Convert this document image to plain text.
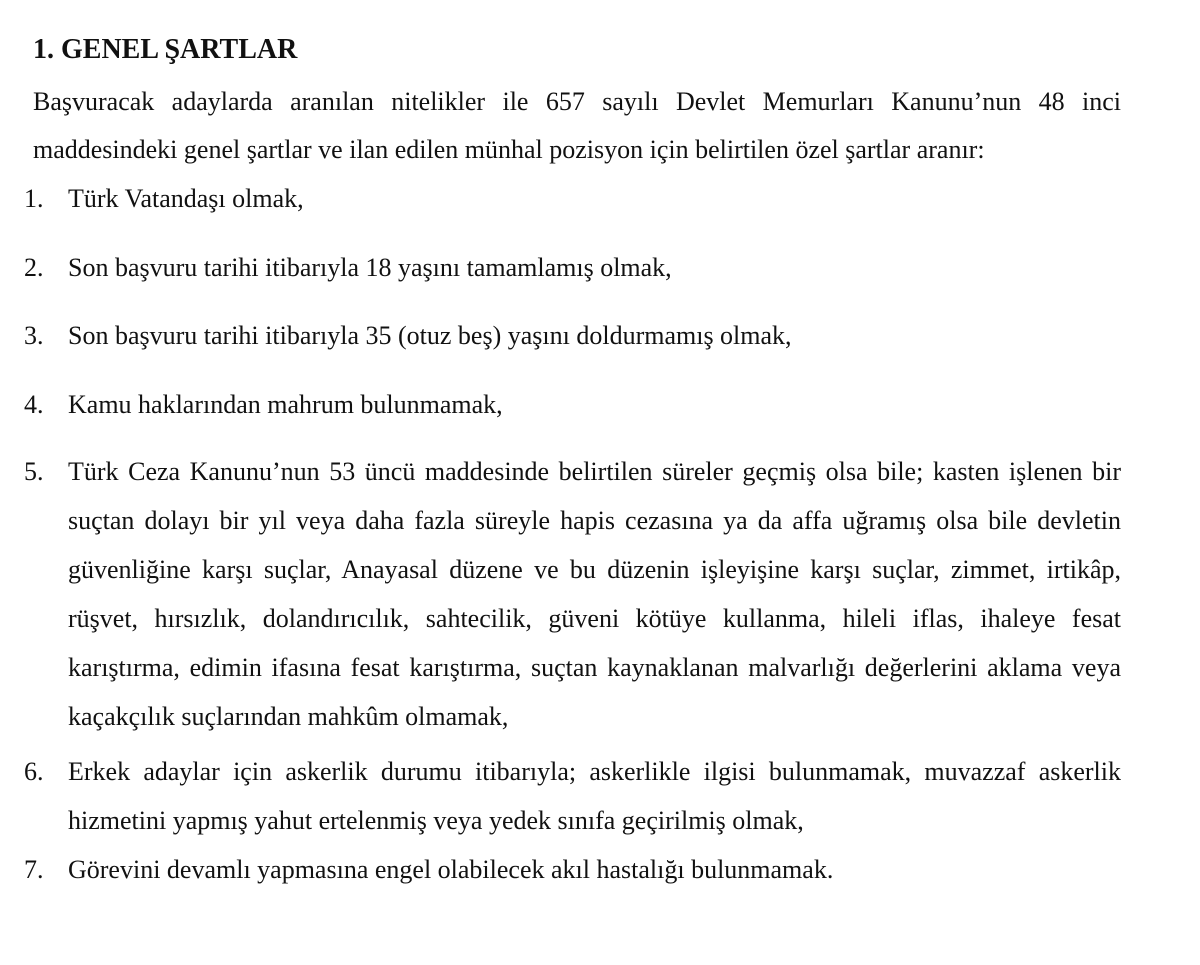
1. GENEL ŞARTLAR

Başvuracak adaylarda aranılan nitelikler ile 657 sayılı Devlet Memurları Kanunu’nun 48 inci maddesindeki genel şartlar ve ilan edilen münhal pozisyon için belirtilen özel şartlar aranır:

1. Türk Vatandaşı olmak,
2. Son başvuru tarihi itibarıyla 18 yaşını tamamlamış olmak,
3. Son başvuru tarihi itibarıyla 35 (otuz beş) yaşını doldurmamış olmak,
4. Kamu haklarından mahrum bulunmamak,
5. Türk Ceza Kanunu’nun 53 üncü maddesinde belirtilen süreler geçmiş olsa bile; kasten işlenen bir suçtan dolayı bir yıl veya daha fazla süreyle hapis cezasına ya da affa uğramış olsa bile devletin güvenliğine karşı suçlar, Anayasal düzene ve bu düzenin işleyişine karşı suçlar, zimmet, irtikâp, rüşvet, hırsızlık, dolandırıcılık, sahtecilik, güveni kötüye kullanma, hileli iflas, ihaleye fesat karıştırma, edimin ifasına fesat karıştırma, suçtan kaynaklanan malvarlığı değerlerini aklama veya kaçakçılık suçlarından mahkûm olmamak,
6. Erkek adaylar için askerlik durumu itibarıyla; askerlikle ilgisi bulunmamak, muvazzaf askerlik hizmetini yapmış yahut ertelenmiş veya yedek sınıfa geçirilmiş olmak,
7. Görevini devamlı yapmasına engel olabilecek akıl hastalığı bulunmamak.
